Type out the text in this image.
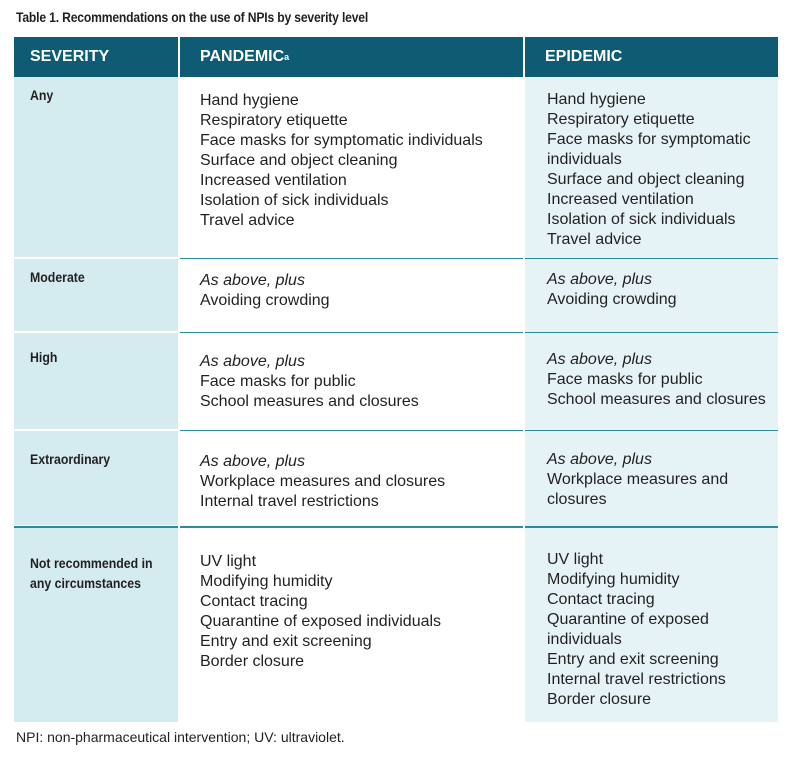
Table 1. Recommendations on the use of NPIs by severity level
SEVERITY	PANDEMIC a	EPIDEMIC
Any
Moderate
High
Extraordinary
Not recommended in
any circumstances
Hand hygiene
Respiratory etiquette
Face masks for symptomatic individuals
Surface and object cleaning
Increased ventilation
Isolation of sick individuals
Travel advice
Hand hygiene
Respiratory etiquette
Face masks for symptomatic
individuals
Surface and object cleaning
Increased ventilation
Isolation of sick individuals
Travel advice
As above, plus
Avoiding crowding
As above, plus
Avoiding crowding
As above, plus
Face masks for public
School measures and closures
As above, plus
Face masks for public
School measures and closures
As above, plus
Workplace measures and closures
Internal travel restrictions
As above, plus
Workplace measures and
closures
UV light
Modifying humidity
Contact tracing
Quarantine of exposed individuals
Entry and exit screening
Border closure
UV light
Modifying humidity
Contact tracing
Quarantine of exposed
individuals
Entry and exit screening
Internal travel restrictions
Border closure
NPI: non-pharmaceutical intervention; UV: ultraviolet.
